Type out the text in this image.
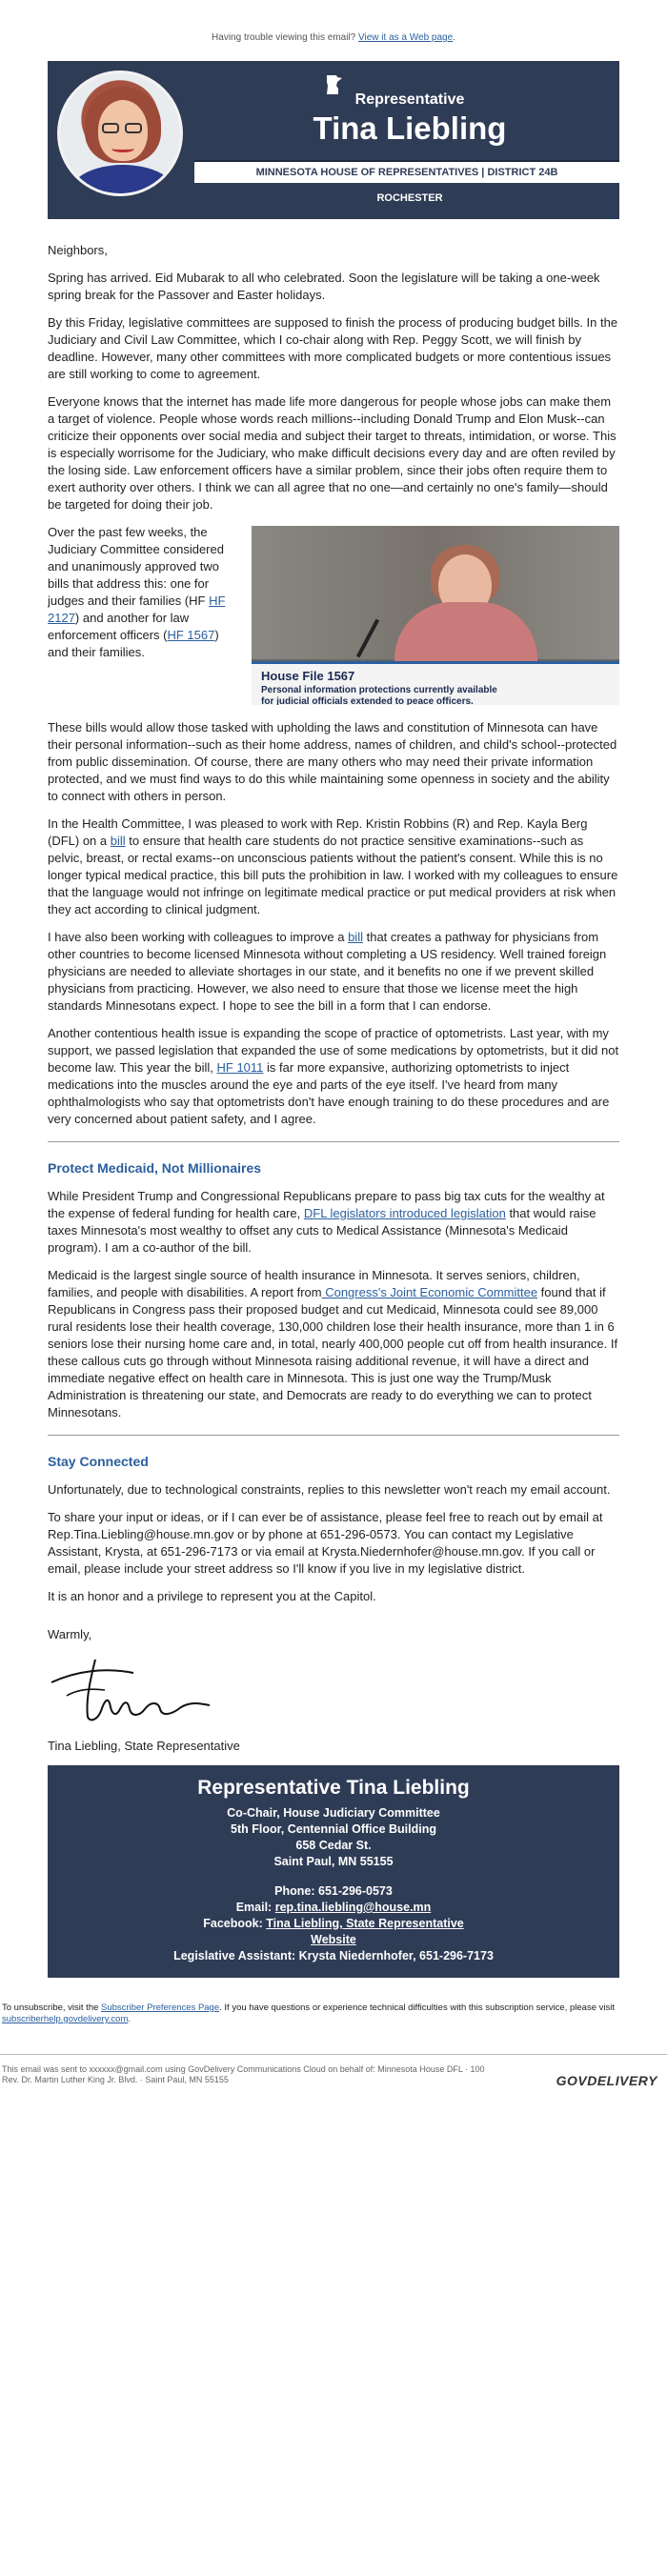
Having trouble viewing this email? View it as a Web page.
Representative
Tina Liebling
MINNESOTA HOUSE OF REPRESENTATIVES | DISTRICT 24B
ROCHESTER

Neighbors,

Spring has arrived. Eid Mubarak to all who celebrated. Soon the legislature will be taking a one-week spring break for the Passover and Easter holidays.

By this Friday, legislative committees are supposed to finish the process of producing budget bills. In the Judiciary and Civil Law Committee, which I co-chair along with Rep. Peggy Scott, we will finish by deadline. However, many other committees with more complicated budgets or more contentious issues are still working to come to agreement.

Everyone knows that the internet has made life more dangerous for people whose jobs can make them a target of violence. People whose words reach millions--including Donald Trump and Elon Musk--can criticize their opponents over social media and subject their target to threats, intimidation, or worse. This is especially worrisome for the Judiciary, who make difficult decisions every day and are often reviled by the losing side. Law enforcement officers have a similar problem, since their jobs often require them to exert authority over others. I think we can all agree that no one—and certainly no one's family—should be targeted for doing their job.

House File 1567
Personal information protections currently available
for judicial officials extended to peace officers.
Over the past few weeks, the Judiciary Committee considered and unanimously approved two bills that address this: one for judges and their families (HF HF 2127) and another for law enforcement officers (HF 1567) and their families.

These bills would allow those tasked with upholding the laws and constitution of Minnesota can have their personal information--such as their home address, names of children, and child's school--protected from public dissemination. Of course, there are many others who may need their private information protected, and we must find ways to do this while maintaining some openness in society and the ability to connect with others in person.

In the Health Committee, I was pleased to work with Rep. Kristin Robbins (R) and Rep. Kayla Berg (DFL) on a bill to ensure that health care students do not practice sensitive examinations--such as pelvic, breast, or rectal exams--on unconscious patients without the patient's consent. While this is no longer typical medical practice, this bill puts the prohibition in law. I worked with my colleagues to ensure that the language would not infringe on legitimate medical practice or put medical providers at risk when they act according to clinical judgment.

I have also been working with colleagues to improve a bill that creates a pathway for physicians from other countries to become licensed Minnesota without completing a US residency. Well trained foreign physicians are needed to alleviate shortages in our state, and it benefits no one if we prevent skilled physicians from practicing. However, we also need to ensure that those we license meet the high standards Minnesotans expect. I hope to see the bill in a form that I can endorse.

Another contentious health issue is expanding the scope of practice of optometrists. Last year, with my support, we passed legislation that expanded the use of some medications by optometrists, but it did not become law. This year the bill, HF 1011 is far more expansive, authorizing optometrists to inject medications into the muscles around the eye and parts of the eye itself. I've heard from many ophthalmologists who say that optometrists don't have enough training to do these procedures and are very concerned about patient safety, and I agree.

Protect Medicaid, Not Millionaires

While President Trump and Congressional Republicans prepare to pass big tax cuts for the wealthy at the expense of federal funding for health care, DFL legislators introduced legislation that would raise taxes Minnesota's most wealthy to offset any cuts to Medical Assistance (Minnesota's Medicaid program). I am a co-author of the bill.

Medicaid is the largest single source of health insurance in Minnesota. It serves seniors, children, families, and people with disabilities. A report from Congress's Joint Economic Committee found that if Republicans in Congress pass their proposed budget and cut Medicaid, Minnesota could see 89,000 rural residents lose their health coverage, 130,000 children lose their health insurance, more than 1 in 6 seniors lose their nursing home care and, in total, nearly 400,000 people cut off from health insurance. If these callous cuts go through without Minnesota raising additional revenue, it will have a direct and immediate negative effect on health care in Minnesota. This is just one way the Trump/Musk Administration is threatening our state, and Democrats are ready to do everything we can to protect Minnesotans.

Stay Connected

Unfortunately, due to technological constraints, replies to this newsletter won't reach my email account.

To share your input or ideas, or if I can ever be of assistance, please feel free to reach out by email at Rep.Tina.Liebling@house.mn.gov or by phone at 651-296-0573. You can contact my Legislative Assistant, Krysta, at 651-296-7173 or via email at Krysta.Niedernhofer@house.mn.gov. If you call or email, please include your street address so I'll know if you live in my legislative district.

It is an honor and a privilege to represent you at the Capitol.

Warmly,

Tina Liebling, State Representative

Representative Tina Liebling
Co-Chair, House Judiciary Committee
5th Floor, Centennial Office Building
658 Cedar St.
Saint Paul, MN 55155
Phone: 651-296-0573
Email: rep.tina.liebling@house.mn
Facebook: Tina Liebling, State Representative
Website
Legislative Assistant: Krysta Niedernhofer, 651-296-7173
To unsubscribe, visit the Subscriber Preferences Page. If you have questions or experience technical difficulties with this subscription service, please visit subscriberhelp.govdelivery.com.
This email was sent to xxxxxx@gmail.com using GovDelivery Communications Cloud on behalf of: Minnesota House DFL · 100
Rev. Dr. Martin Luther King Jr. Blvd. · Saint Paul, MN 55155	GOVDELIVERY
